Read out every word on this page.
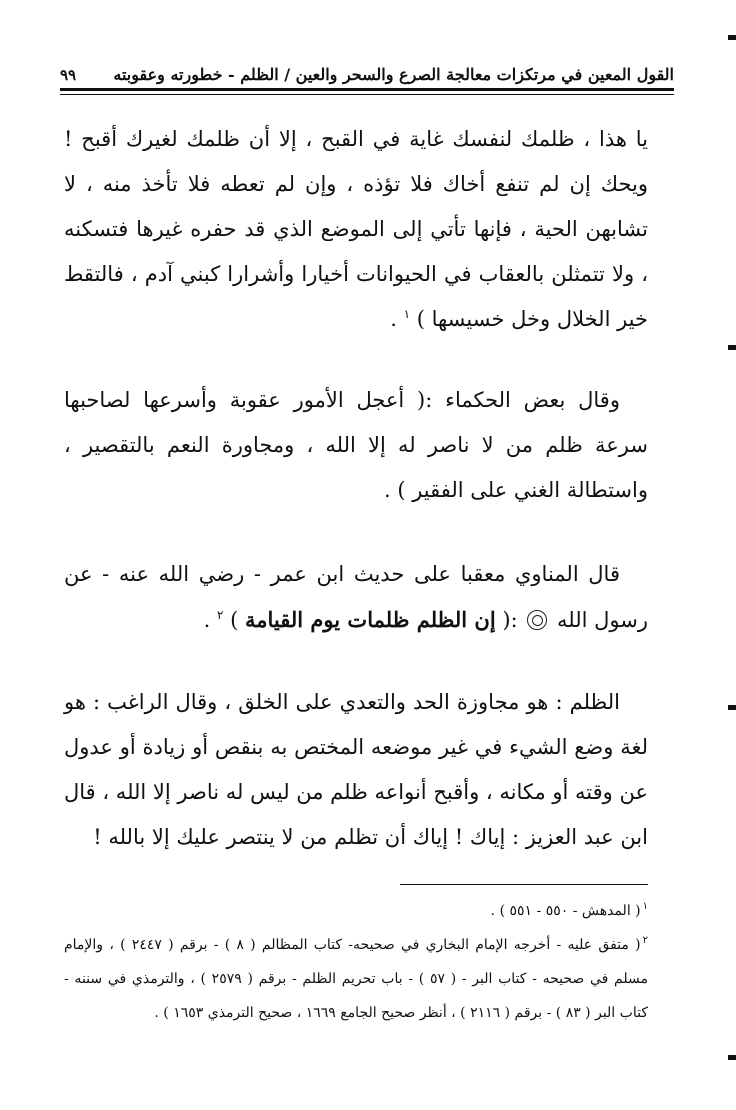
القول المعين في مرتكزات معالجة الصرع والسحر والعين / الظلم - خطورته وعقوبته
٩٩
يا هذا ، ظلمك لنفسك غاية في القبح ، إلا أن ظلمك لغيرك أقبح ! ويحك إن لم تنفع أخاك فلا تؤذه ، وإن لم تعطه فلا تأخذ منه ، لا تشابهن الحية ، فإنها تأتي إلى الموضع الذي قد حفره غيرها فتسكنه ، ولا تتمثلن بالعقاب في الحيوانات أخيارا وأشرارا كبني آدم ، فالتقط خير الخلال وخل خسيسها ) $^١$ .
وقال بعض الحكماء :( أعجل الأمور عقوبة وأسرعها لصاحبها سرعة ظلم من لا ناصر له إلا الله ، ومجاورة النعم بالتقصير ، واستطالة الغني على الفقير ) .
قال المناوي معقبا على حديث ابن عمر - رضي الله عنه - عن رسول الله  :( إن الظلم ظلمات يوم القيامة ) $^٢$ .
الظلم : هو مجاوزة الحد والتعدي على الخلق ، وقال الراغب : هو لغة وضع الشيء في غير موضعه المختص به بنقص أو زيادة أو عدول عن وقته أو مكانه ، وأقبح أنواعه ظلم من ليس له ناصر إلا الله ، قال ابن عبد العزيز : إياك ! إياك أن تظلم من لا ينتصر عليك إلا بالله !
$^١$( المدهش - ٥٥٠ - ٥٥١ ) .
$^٢$( متفق عليه - أخرجه الإمام البخاري في صحيحه- كتاب المظالم ( ٨ ) - برقم ( ٢٤٤٧ ) ، والإمام مسلم في صحيحه - كتاب البر - ( ٥٧ ) - باب تحريم الظلم - برقم ( ٢٥٧٩ ) ، والترمذي في سننه - كتاب البر ( ٨٣ ) - برقم ( ٢١١٦ ) ، أنظر صحيح الجامع ١٦٦٩ ، صحيح الترمذي ١٦٥٣ ) .
